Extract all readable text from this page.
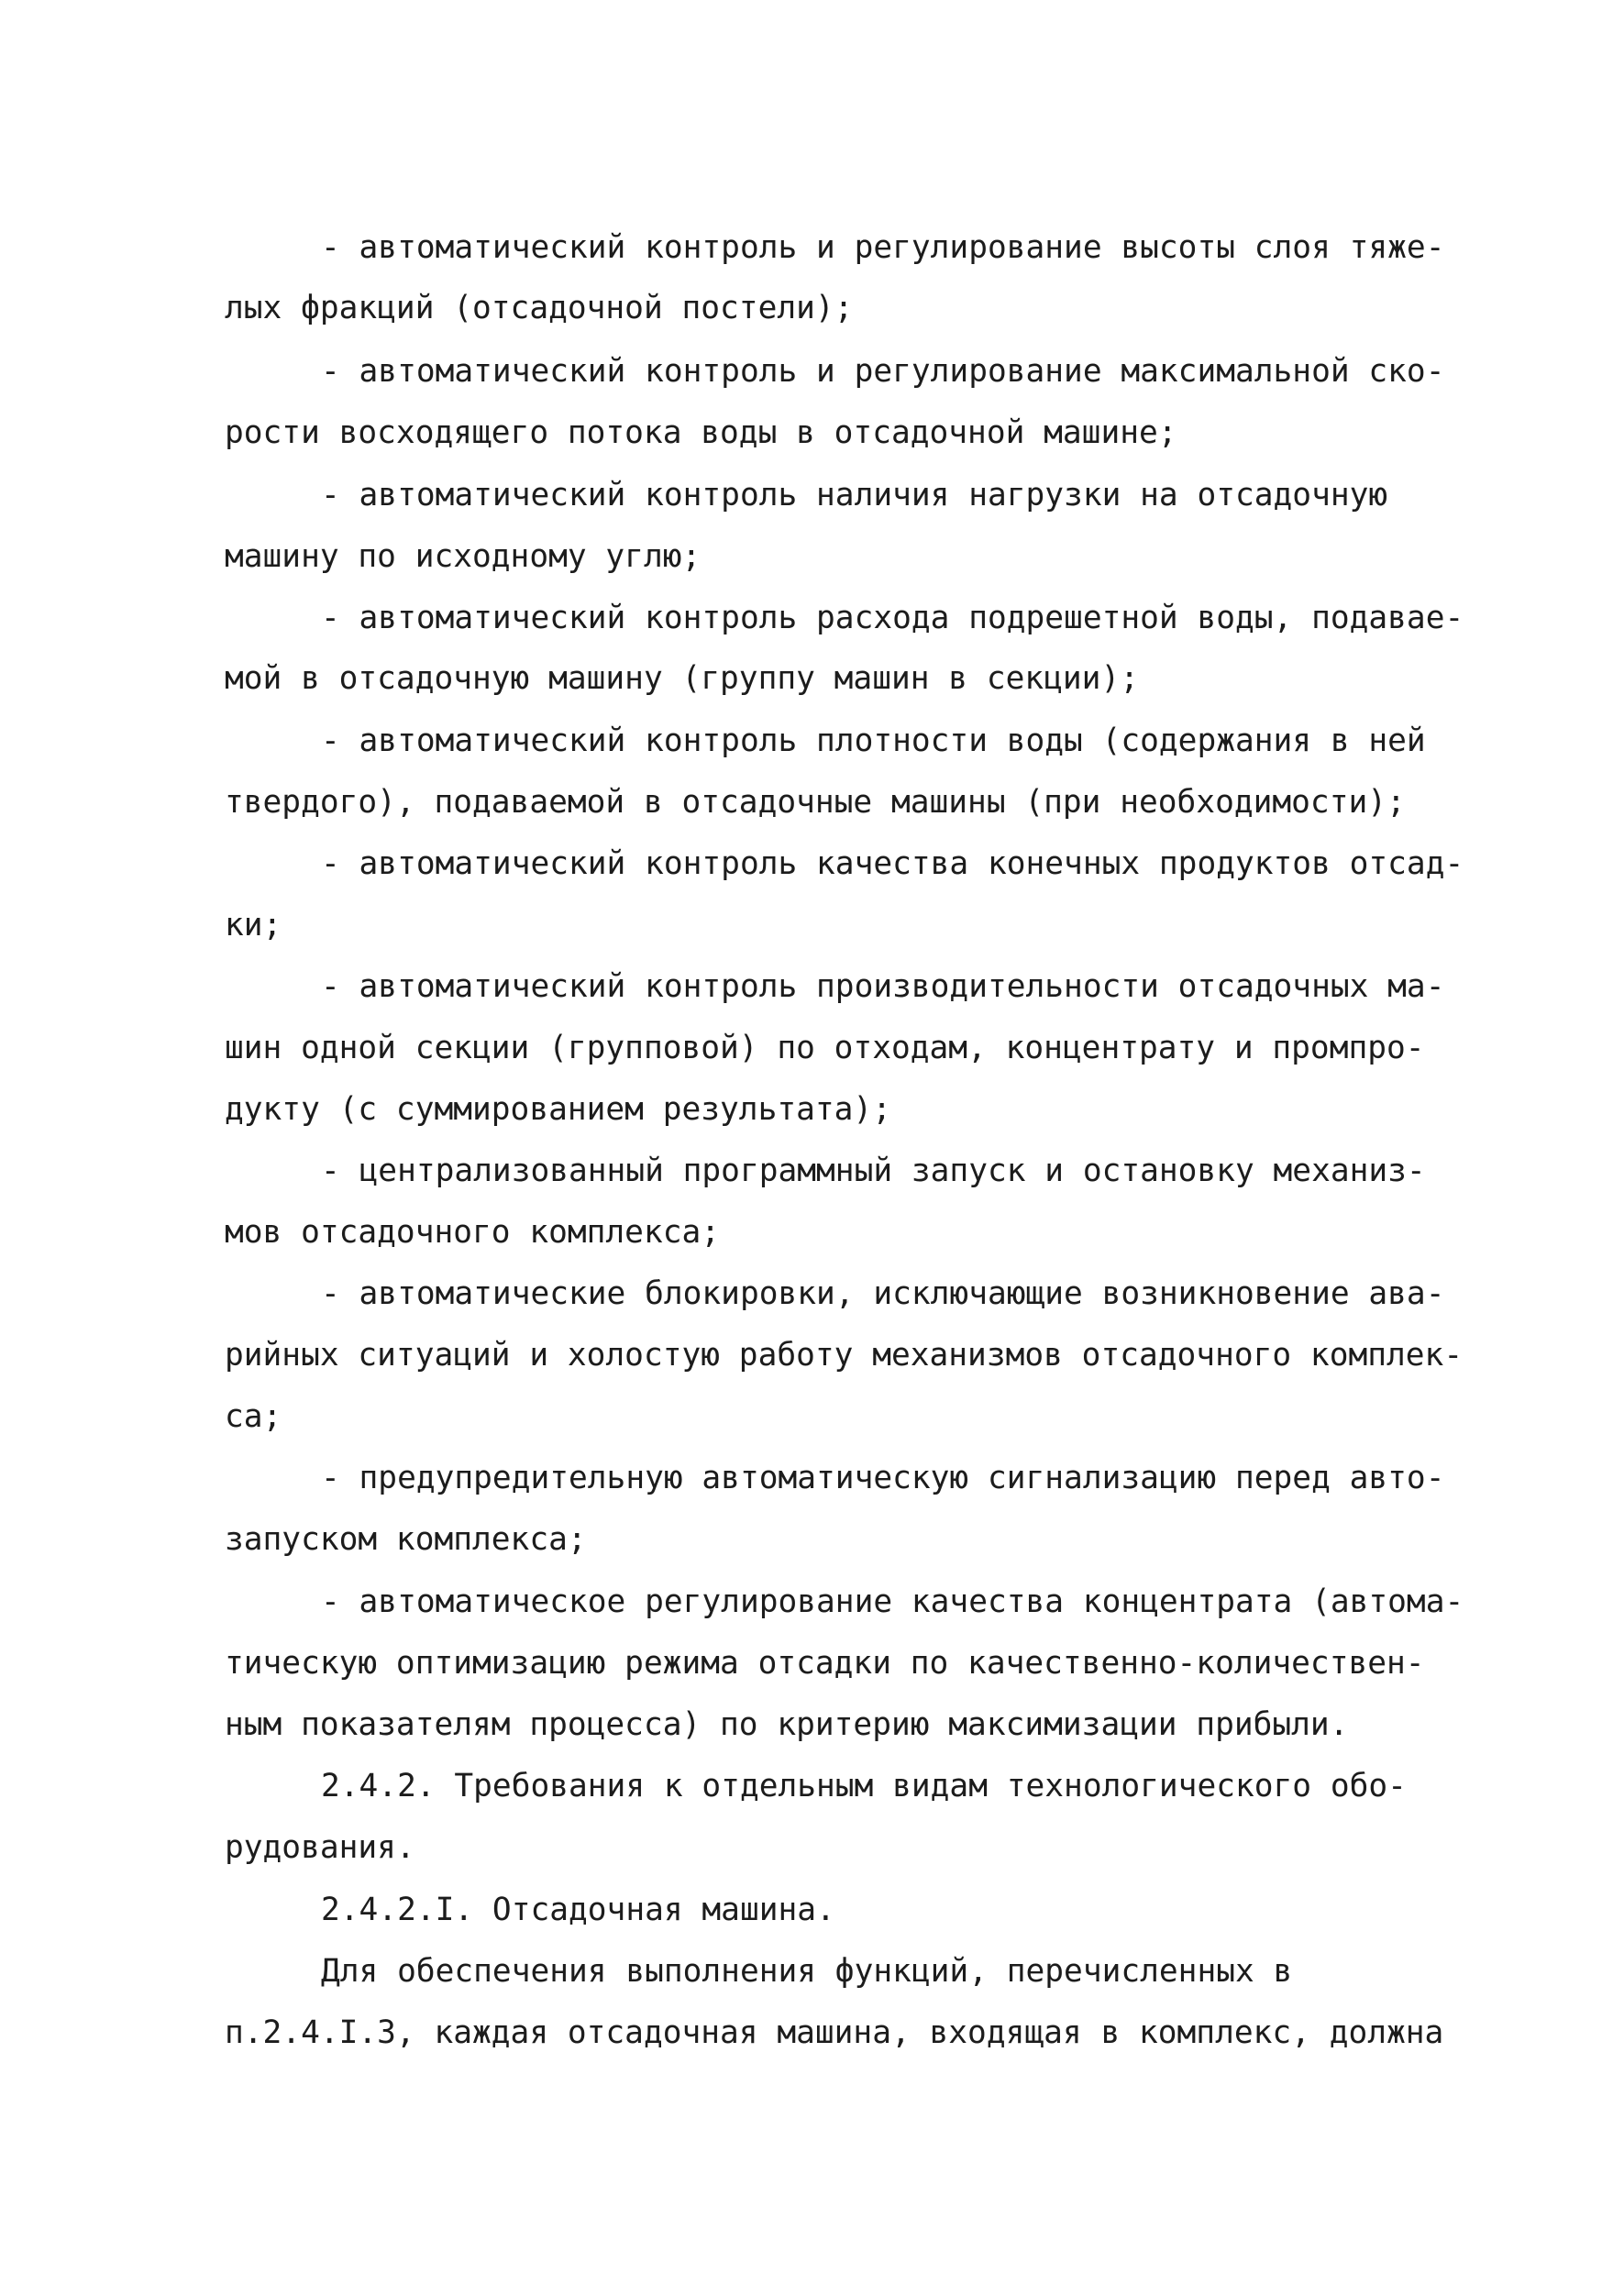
- автоматический контроль и регулирование высоты слоя тяже-
лых фракций (отсадочной постели);
- автоматический контроль и регулирование максимальной ско-
рости восходящего потока воды в отсадочной машине;
- автоматический контроль наличия нагрузки на отсадочную
машину по исходному углю;
- автоматический контроль расхода подрешетной воды, подавае-
мой в отсадочную машину (группу машин в секции);
- автоматический контроль плотности воды (содержания в ней
твердого), подаваемой в отсадочные машины (при необходимости);
- автоматический контроль качества конечных продуктов отсад-
ки;
- автоматический контроль производительности отсадочных ма-
шин одной секции (групповой) по отходам, концентрату и промпро-
дукту (с суммированием результата);
- централизованный программный запуск и остановку механиз-
мов отсадочного комплекса;
- автоматические блокировки, исключающие возникновение ава-
рийных ситуаций и холостую работу механизмов отсадочного комплек-
са;
- предупредительную автоматическую сигнализацию перед авто-
запуском комплекса;
- автоматическое регулирование качества концентрата (автома-
тическую оптимизацию режима отсадки по качественно-количествен-
ным показателям процесса) по критерию максимизации прибыли.
2.4.2. Требования к отдельным видам технологического обо-
рудования.
2.4.2.I. Отсадочная машина.
Для обеспечения выполнения функций, перечисленных в
п.2.4.I.3, каждая отсадочная машина, входящая в комплекс, должна
